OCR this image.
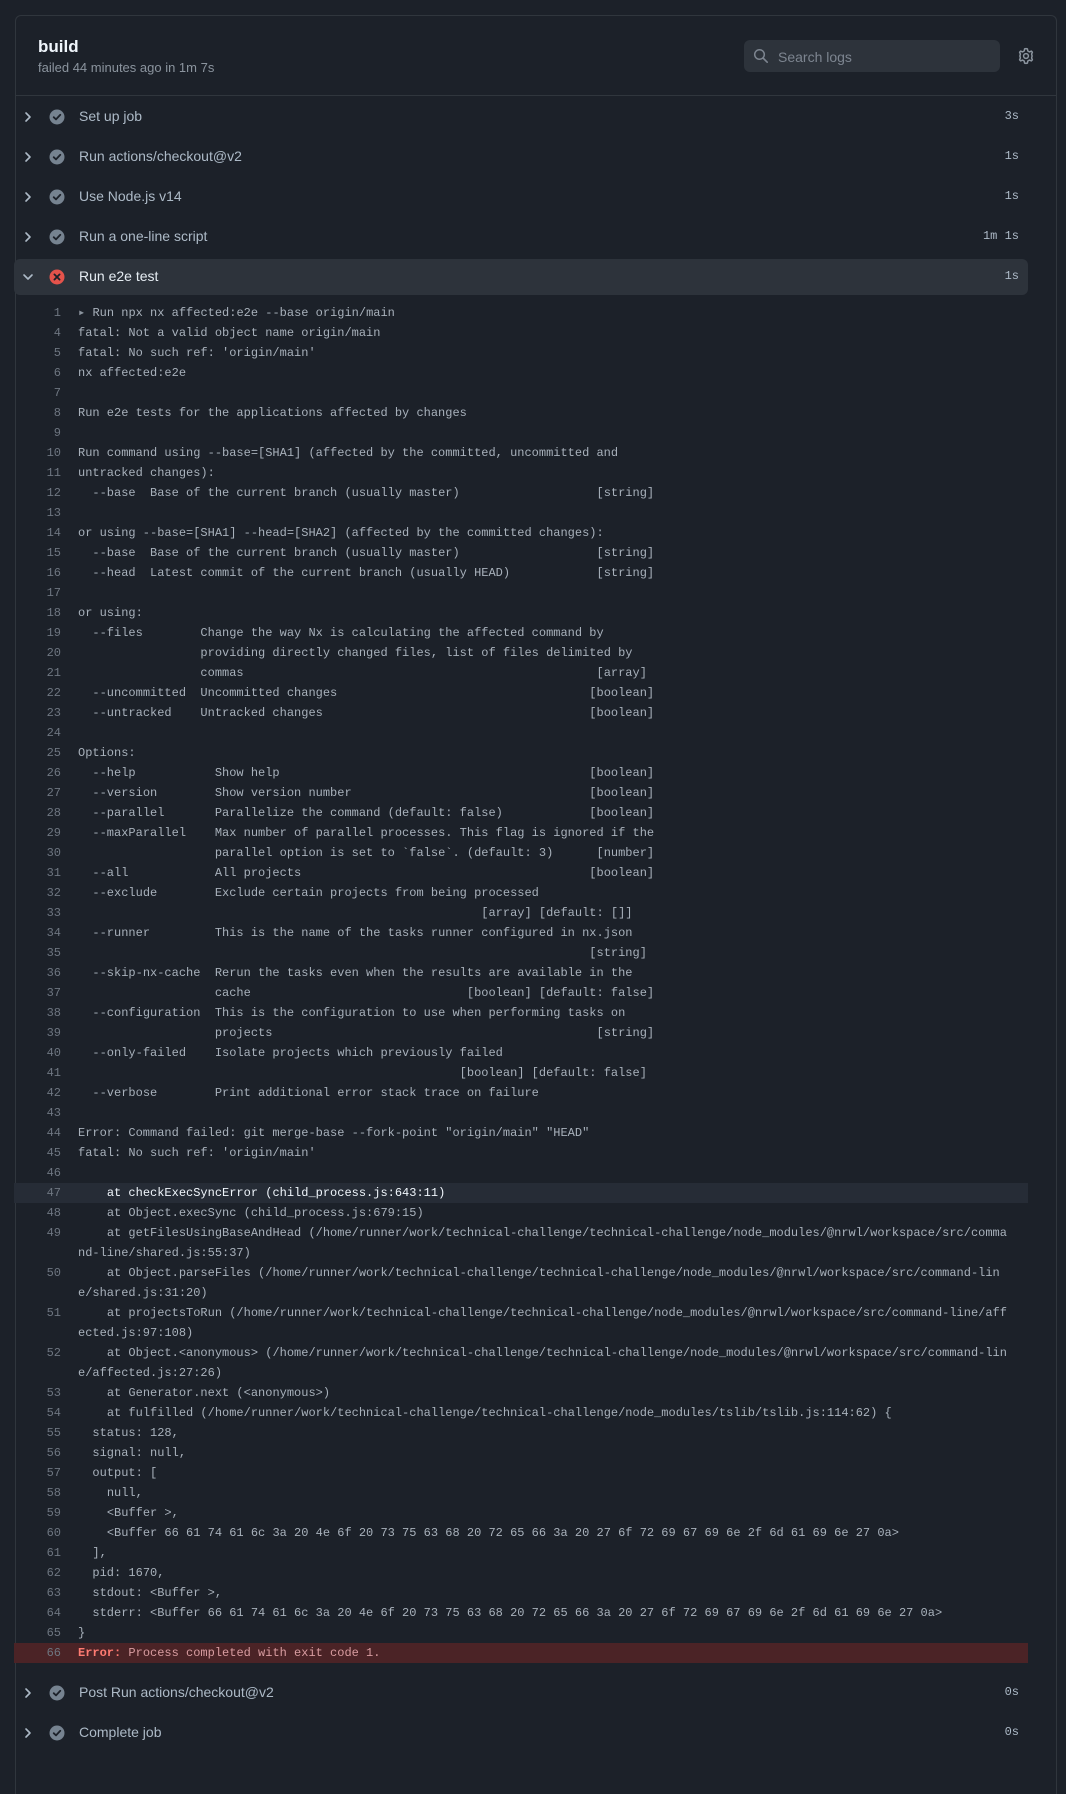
build
failed 44 minutes ago in 1m 7s
Search logs
Set up job	3s
Run actions/checkout@v2	1s
Use Node.js v14	1s
Run a one-line script	1m 1s
Run e2e test	1s
1 ▸ Run npx nx affected:e2e --base origin/main
4 fatal: Not a valid object name origin/main
5 fatal: No such ref: 'origin/main'
6 nx affected:e2e
7
8 Run e2e tests for the applications affected by changes
9
10 Run command using --base=[SHA1] (affected by the committed, uncommitted and
11 untracked changes):
12 --base  Base of the current branch (usually master)                   [string]
13
14 or using --base=[SHA1] --head=[SHA2] (affected by the committed changes):
15 --base  Base of the current branch (usually master)                   [string]
16 --head  Latest commit of the current branch (usually HEAD)            [string]
17
18 or using:
19 --files        Change the way Nx is calculating the affected command by
20 providing directly changed files, list of files delimited by
21 commas                                                 [array]
22 --uncommitted  Uncommitted changes                                   [boolean]
23 --untracked    Untracked changes                                     [boolean]
24
25 Options:
26 --help           Show help                                           [boolean]
27 --version        Show version number                                 [boolean]
28 --parallel       Parallelize the command (default: false)            [boolean]
29 --maxParallel    Max number of parallel processes. This flag is ignored if the
30 parallel option is set to `false`. (default: 3)      [number]
31 --all            All projects                                        [boolean]
32 --exclude        Exclude certain projects from being processed
33 [array] [default: []]
34 --runner         This is the name of the tasks runner configured in nx.json
35 [string]
36 --skip-nx-cache  Rerun the tasks even when the results are available in the
37 cache                              [boolean] [default: false]
38 --configuration  This is the configuration to use when performing tasks on
39 projects                                             [string]
40 --only-failed    Isolate projects which previously failed
41 [boolean] [default: false]
42 --verbose        Print additional error stack trace on failure
43
44 Error: Command failed: git merge-base --fork-point "origin/main" "HEAD"
45 fatal: No such ref: 'origin/main'
46
47 at checkExecSyncError (child_process.js:643:11)
48 at Object.execSync (child_process.js:679:15)
49 at getFilesUsingBaseAndHead (/home/runner/work/technical-challenge/technical-challenge/node_modules/@nrwl/workspace/src/command-line/shared.js:55:37)
50 at Object.parseFiles (/home/runner/work/technical-challenge/technical-challenge/node_modules/@nrwl/workspace/src/command-line/shared.js:31:20)
51 at projectsToRun (/home/runner/work/technical-challenge/technical-challenge/node_modules/@nrwl/workspace/src/command-line/affected.js:97:108)
52 at Object.<anonymous> (/home/runner/work/technical-challenge/technical-challenge/node_modules/@nrwl/workspace/src/command-line/affected.js:27:26)
53 at Generator.next (<anonymous>)
54 at fulfilled (/home/runner/work/technical-challenge/technical-challenge/node_modules/tslib/tslib.js:114:62) {
55 status: 128,
56 signal: null,
57 output: [
58 null,
59 <Buffer >,
60 <Buffer 66 61 74 61 6c 3a 20 4e 6f 20 73 75 63 68 20 72 65 66 3a 20 27 6f 72 69 67 69 6e 2f 6d 61 69 6e 27 0a>
61 ],
62 pid: 1670,
63 stdout: <Buffer >,
64 stderr: <Buffer 66 61 74 61 6c 3a 20 4e 6f 20 73 75 63 68 20 72 65 66 3a 20 27 6f 72 69 67 69 6e 2f 6d 61 69 6e 27 0a>
65 }
66 Error: Process completed with exit code 1.
Post Run actions/checkout@v2	0s
Complete job	0s
